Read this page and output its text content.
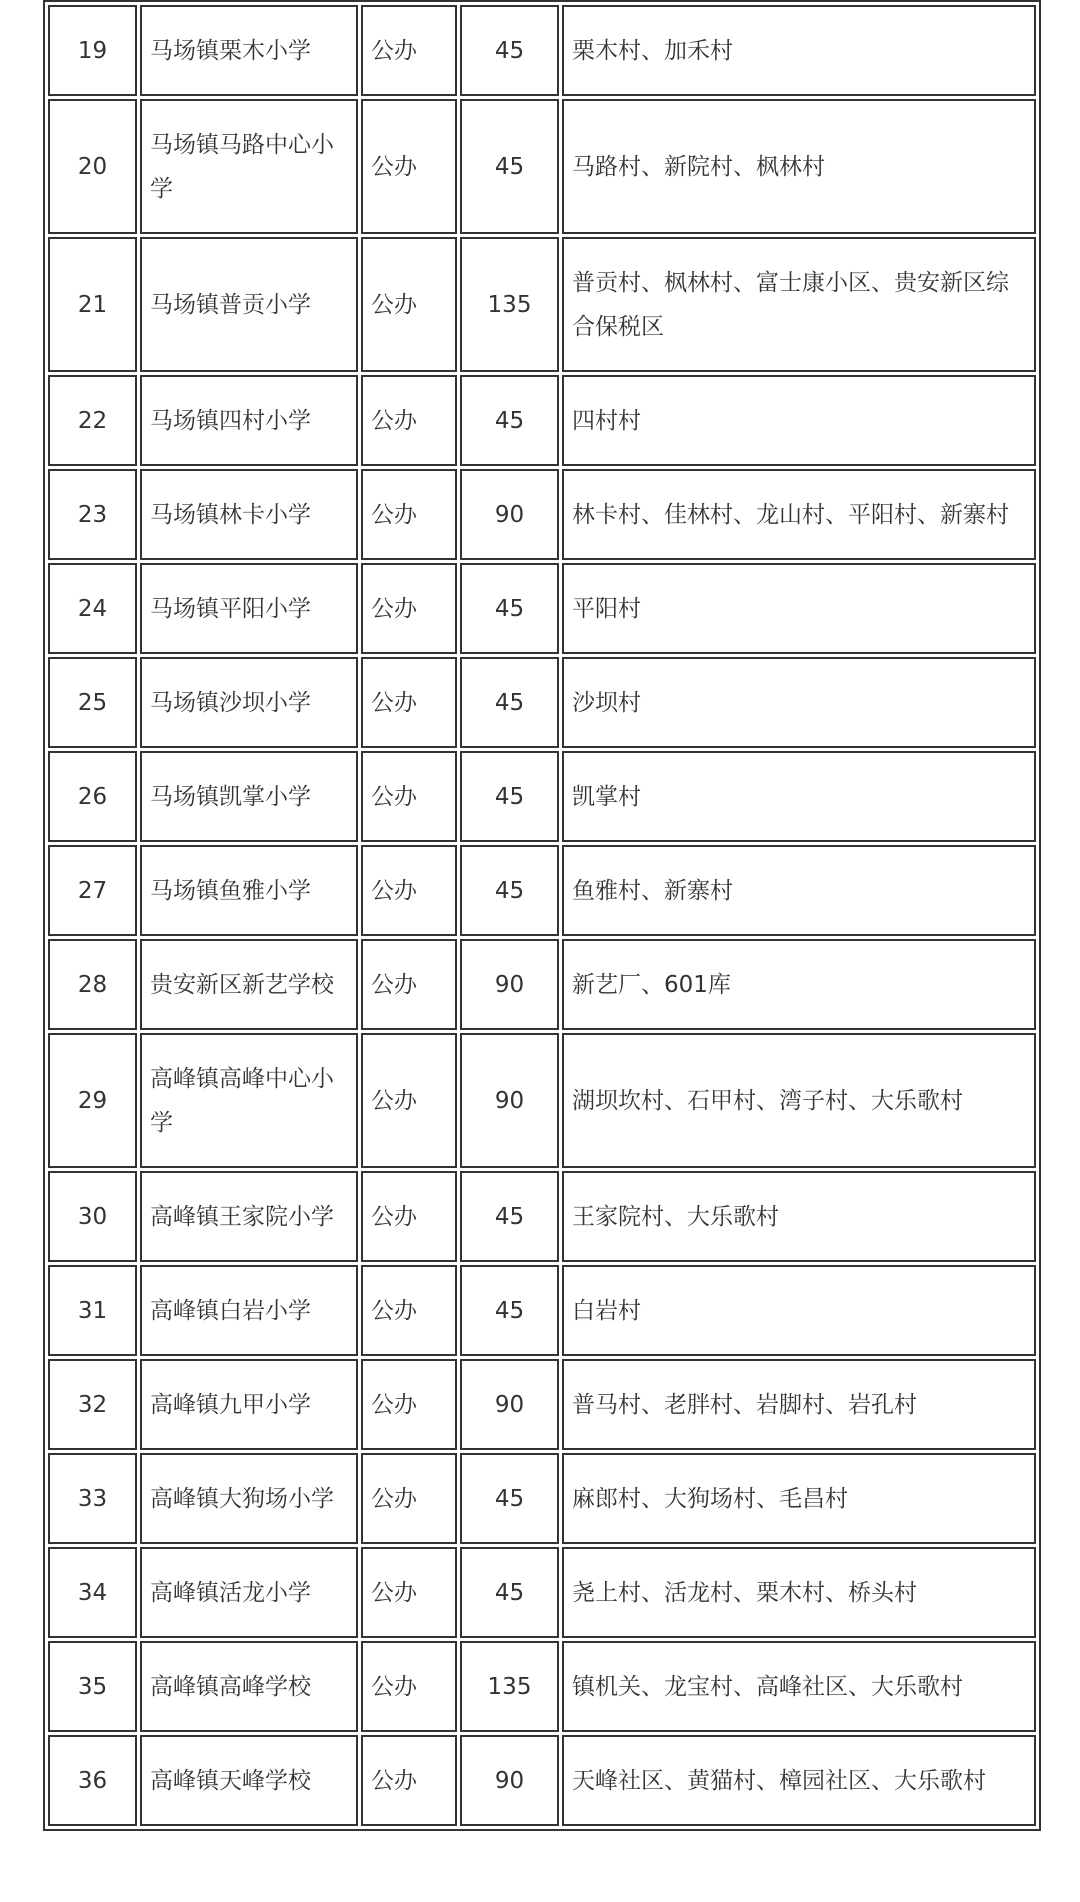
19	马场镇栗木小学	公办	45	栗木村、加禾村
20	马场镇马路中心小学	公办	45	马路村、新院村、枫林村
21	马场镇普贡小学	公办	135	普贡村、枫林村、富士康小区、贵安新区综合保税区
22	马场镇四村小学	公办	45	四村村
23	马场镇林卡小学	公办	90	林卡村、佳林村、龙山村、平阳村、新寨村
24	马场镇平阳小学	公办	45	平阳村
25	马场镇沙坝小学	公办	45	沙坝村
26	马场镇凯掌小学	公办	45	凯掌村
27	马场镇鱼雅小学	公办	45	鱼雅村、新寨村
28	贵安新区新艺学校	公办	90	新艺厂、601库
29	高峰镇高峰中心小学	公办	90	湖坝坎村、石甲村、湾子村、大乐歌村
30	高峰镇王家院小学	公办	45	王家院村、大乐歌村
31	高峰镇白岩小学	公办	45	白岩村
32	高峰镇九甲小学	公办	90	普马村、老胖村、岩脚村、岩孔村
33	高峰镇大狗场小学	公办	45	麻郎村、大狗场村、毛昌村
34	高峰镇活龙小学	公办	45	尧上村、活龙村、栗木村、桥头村
35	高峰镇高峰学校	公办	135	镇机关、龙宝村、高峰社区、大乐歌村
36	高峰镇天峰学校	公办	90	天峰社区、黄猫村、樟园社区、大乐歌村
